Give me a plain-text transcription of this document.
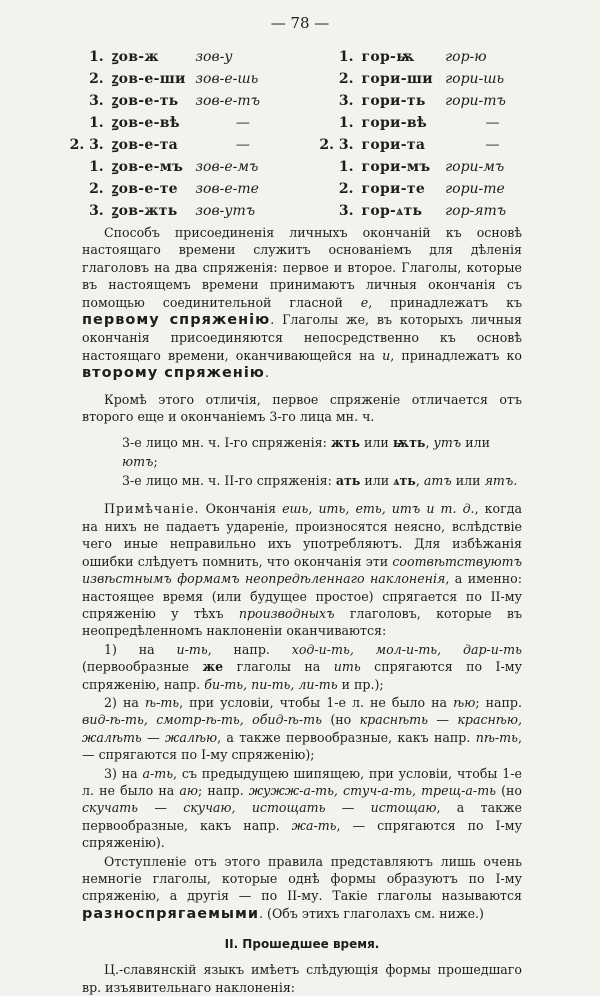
— 78 —
1.	ꙁов-ж	зов-у		1.	гор-ѭ	гор-ю
2.	ꙁов-е-ши	зов-е-шь		2.	гори-ши	гори-шь
3.	ꙁов-е-ть	зов-е-тъ		3.	гори-ть	гори-тъ
1.	ꙁов-е-вѣ	—		1.	гори-вѣ	—
2. 3.	ꙁов-е-та	—		2. 3.	гори-та	—
1.	ꙁов-е-мъ	зов-е-мъ		1.	гори-мъ	гори-мъ
2.	ꙁов-е-те	зов-е-те		2.	гори-те	гори-те
3.	ꙁов-жть	зов-утъ		3.	гор-ѧть	гор-ятъ

Способъ присоединенія личныхъ окончаній къ основѣ настоящаго времени служитъ основаніемъ для дѣленія глаголовъ на два спряженія: первое и второе. Глаголы, которые въ настоящемъ времени принимаютъ личныя окончанія съ помощью соединительной гласной е, принадлежатъ къ первому спряженію. Глаголы же, въ которыхъ личныя окончанія присоединяются непосредственно къ основѣ настоящаго времени, оканчивающейся на и, принадлежатъ ко второму спряженію.

Кромѣ этого отличія, первое спряженіе отличается отъ второго еще и окончаніемъ 3-го лица мн. ч.

3-е лицо мн. ч. I-го спряженія: жть или ѭть, утъ или ютъ;
3-е лицо мн. ч. II-го спряженія: ать или ѧть, атъ или ятъ.

Примѣчаніе. Окончанія ешь, ить, еть, итъ и т. д., когда на нихъ не падаетъ удареніе, произносятся неясно, вслѣдствіе чего иные неправильно ихъ употребляютъ. Для избѣжанія ошибки слѣдуетъ помнить, что окончанія эти соотвѣтствуютъ извѣстнымъ формамъ неопредѣленнаго наклоненія, а именно: настоящее время (или будущее простое) спрягается по II-му спряженію у тѣхъ производныхъ глаголовъ, которые въ неопредѣленномъ наклоненіи оканчиваются:

1) на и-ть, напр. ход-и-ть, мол-и-ть, дар-и-ть (первообразные же глаголы на ить спрягаются по I-му спряженію, напр. би-ть, пи-ть, ли-ть и пр.);

2) на ѣ-ть, при условіи, чтобы 1-е л. не было на ѣю; напр. вид-ѣ-ть, смотр-ѣ-ть, обид-ѣ-ть (но краснѣть — краснѣю, жалѣть — жалѣю, а также первообразные, какъ напр. пѣ-ть, — спрягаются по I-му спряженію);

3) на а-ть, съ предыдущею шипящею, при условіи, чтобы 1-е л. не было на аю; напр. жужж-а-ть, стуч-а-ть, трещ-а-ть (но скучать — скучаю, истощать — истощаю, а также первообразные, какъ напр. жа-ть, — спрягаются по I-му спряженію).

Отступленіе отъ этого правила представляютъ лишь очень немногіе глаголы, которые однѣ формы образуютъ по I-му спряженію, а другія — по II-му. Такіе глаголы называются разноспрягаемыми. (Объ этихъ глаголахъ см. ниже.)

II. Прошедшее время.

Ц.-славянскій языкъ имѣетъ слѣдующія формы прошедшаго вр. изъявительнаго наклоненія:
